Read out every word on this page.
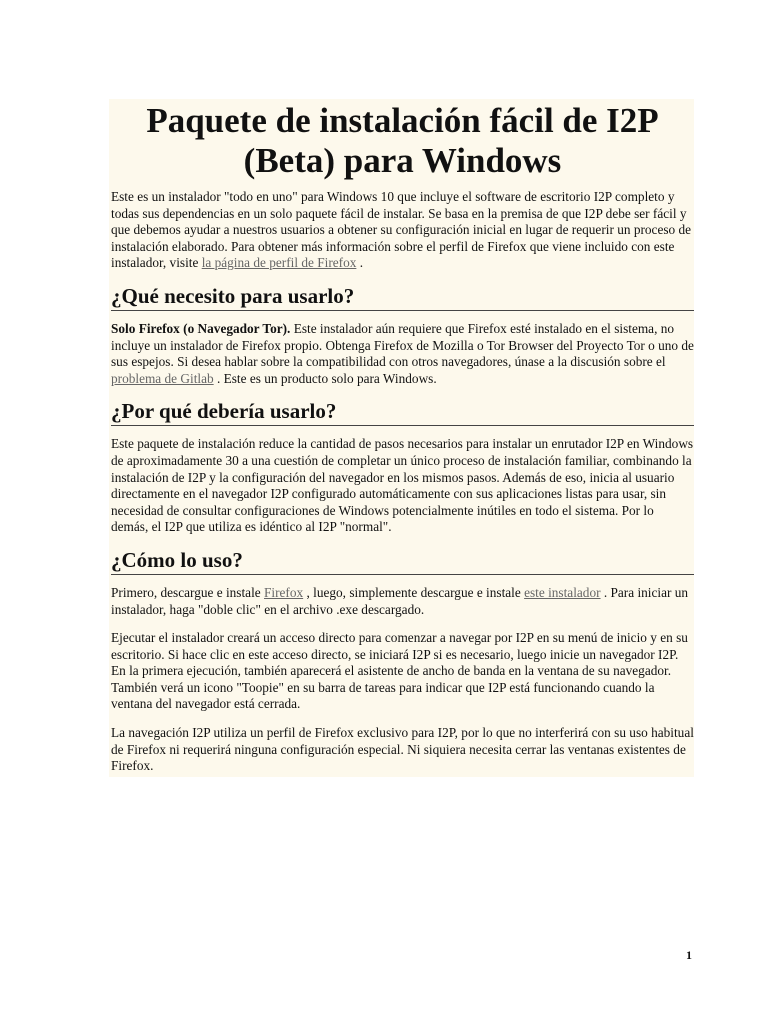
Paquete de instalación fácil de I2P (Beta) para Windows

Este es un instalador "todo en uno" para Windows 10 que incluye el software de escritorio I2P completo y todas sus dependencias en un solo paquete fácil de instalar. Se basa en la premisa de que I2P debe ser fácil y que debemos ayudar a nuestros usuarios a obtener su configuración inicial en lugar de requerir un proceso de instalación elaborado. Para obtener más información sobre el perfil de Firefox que viene incluido con este instalador, visite la página de perfil de Firefox .

¿Qué necesito para usarlo?

Solo Firefox (o Navegador Tor). Este instalador aún requiere que Firefox esté instalado en el sistema, no incluye un instalador de Firefox propio. Obtenga Firefox de Mozilla o Tor Browser del Proyecto Tor o uno de sus espejos. Si desea hablar sobre la compatibilidad con otros navegadores, únase a la discusión sobre el problema de Gitlab . Este es un producto solo para Windows.

¿Por qué debería usarlo?

Este paquete de instalación reduce la cantidad de pasos necesarios para instalar un enrutador I2P en Windows de aproximadamente 30 a una cuestión de completar un único proceso de instalación familiar, combinando la instalación de I2P y la configuración del navegador en los mismos pasos. Además de eso, inicia al usuario directamente en el navegador I2P configurado automáticamente con sus aplicaciones listas para usar, sin necesidad de consultar configuraciones de Windows potencialmente inútiles en todo el sistema. Por lo demás, el I2P que utiliza es idéntico al I2P "normal".

¿Cómo lo uso?

Primero, descargue e instale Firefox , luego, simplemente descargue e instale este instalador . Para iniciar un instalador, haga "doble clic" en el archivo .exe descargado.

Ejecutar el instalador creará un acceso directo para comenzar a navegar por I2P en su menú de inicio y en su escritorio. Si hace clic en este acceso directo, se iniciará I2P si es necesario, luego inicie un navegador I2P. En la primera ejecución, también aparecerá el asistente de ancho de banda en la ventana de su navegador. También verá un icono "Toopie" en su barra de tareas para indicar que I2P está funcionando cuando la ventana del navegador está cerrada.

La navegación I2P utiliza un perfil de Firefox exclusivo para I2P, por lo que no interferirá con su uso habitual de Firefox ni requerirá ninguna configuración especial. Ni siquiera necesita cerrar las ventanas existentes de Firefox.

1
